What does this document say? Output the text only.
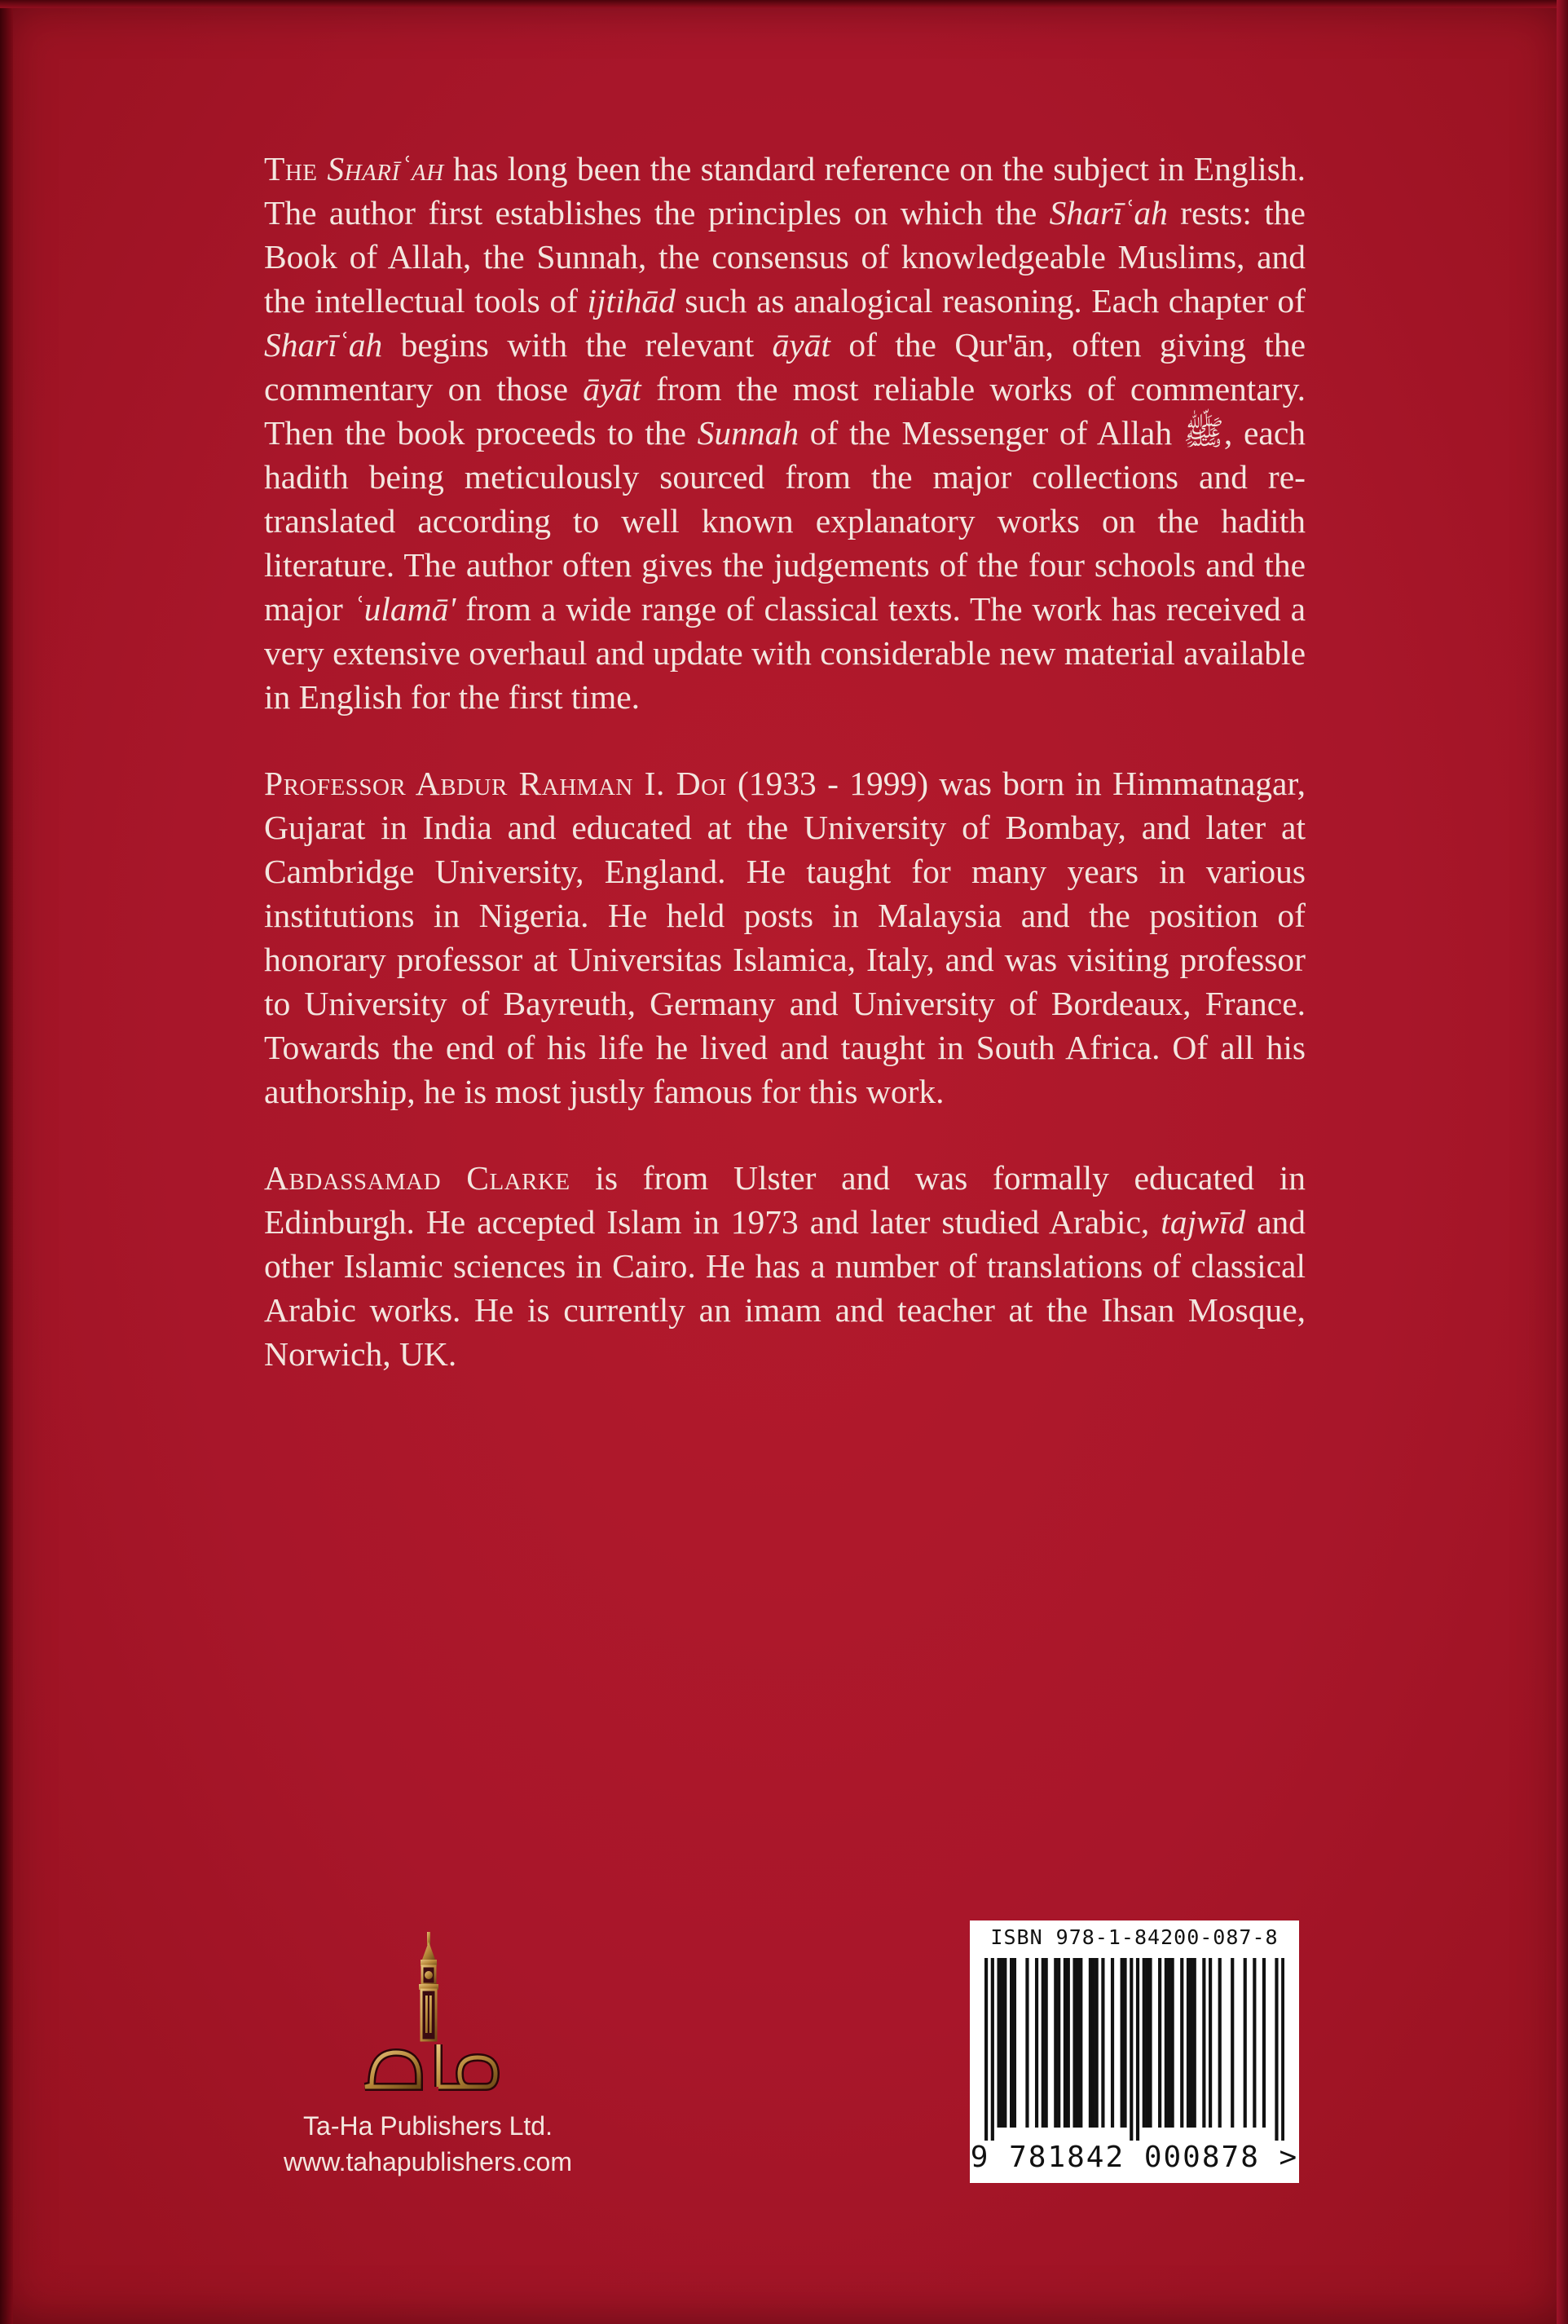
The Sharīʿah has long been the standard reference on the subject in English. The author first establishes the principles on which the Sharīʿah rests: the Book of Allah, the Sunnah, the consensus of knowledgeable Muslims, and the intellectual tools of ijtihād such as analogical reasoning. Each chapter of Sharīʿah begins with the relevant āyāt of the Qur'ān, often giving the commentary on those āyāt from the most reliable works of commentary. Then the book proceeds to the Sunnah of the Messenger of Allah ﷺ, each hadith being meticulously sourced from the major collections and re-translated according to well known explanatory works on the hadith literature. The author often gives the judgements of the four schools and the major ʿulamā' from a wide range of classical texts. The work has received a very extensive overhaul and update with considerable new material available in English for the first time.

Professor Abdur Rahman I. Doi (1933 - 1999) was born in Himmatnagar, Gujarat in India and educated at the University of Bombay, and later at Cambridge University, England. He taught for many years in various institutions in Nigeria. He held posts in Malaysia and the position of honorary professor at Universitas Islamica, Italy, and was visiting professor to University of Bayreuth, Germany and University of Bordeaux, France. Towards the end of his life he lived and taught in South Africa. Of all his authorship, he is most justly famous for this work.

Abdassamad Clarke is from Ulster and was formally educated in Edinburgh. He accepted Islam in 1973 and later studied Arabic, tajwīd and other Islamic sciences in Cairo. He has a number of translations of classical Arabic works. He is currently an imam and teacher at the Ihsan Mosque, Norwich, UK.

Ta-Ha Publishers Ltd.
www.tahapublishers.com
ISBN 978-1-84200-087-8
9 781842 000878 >
